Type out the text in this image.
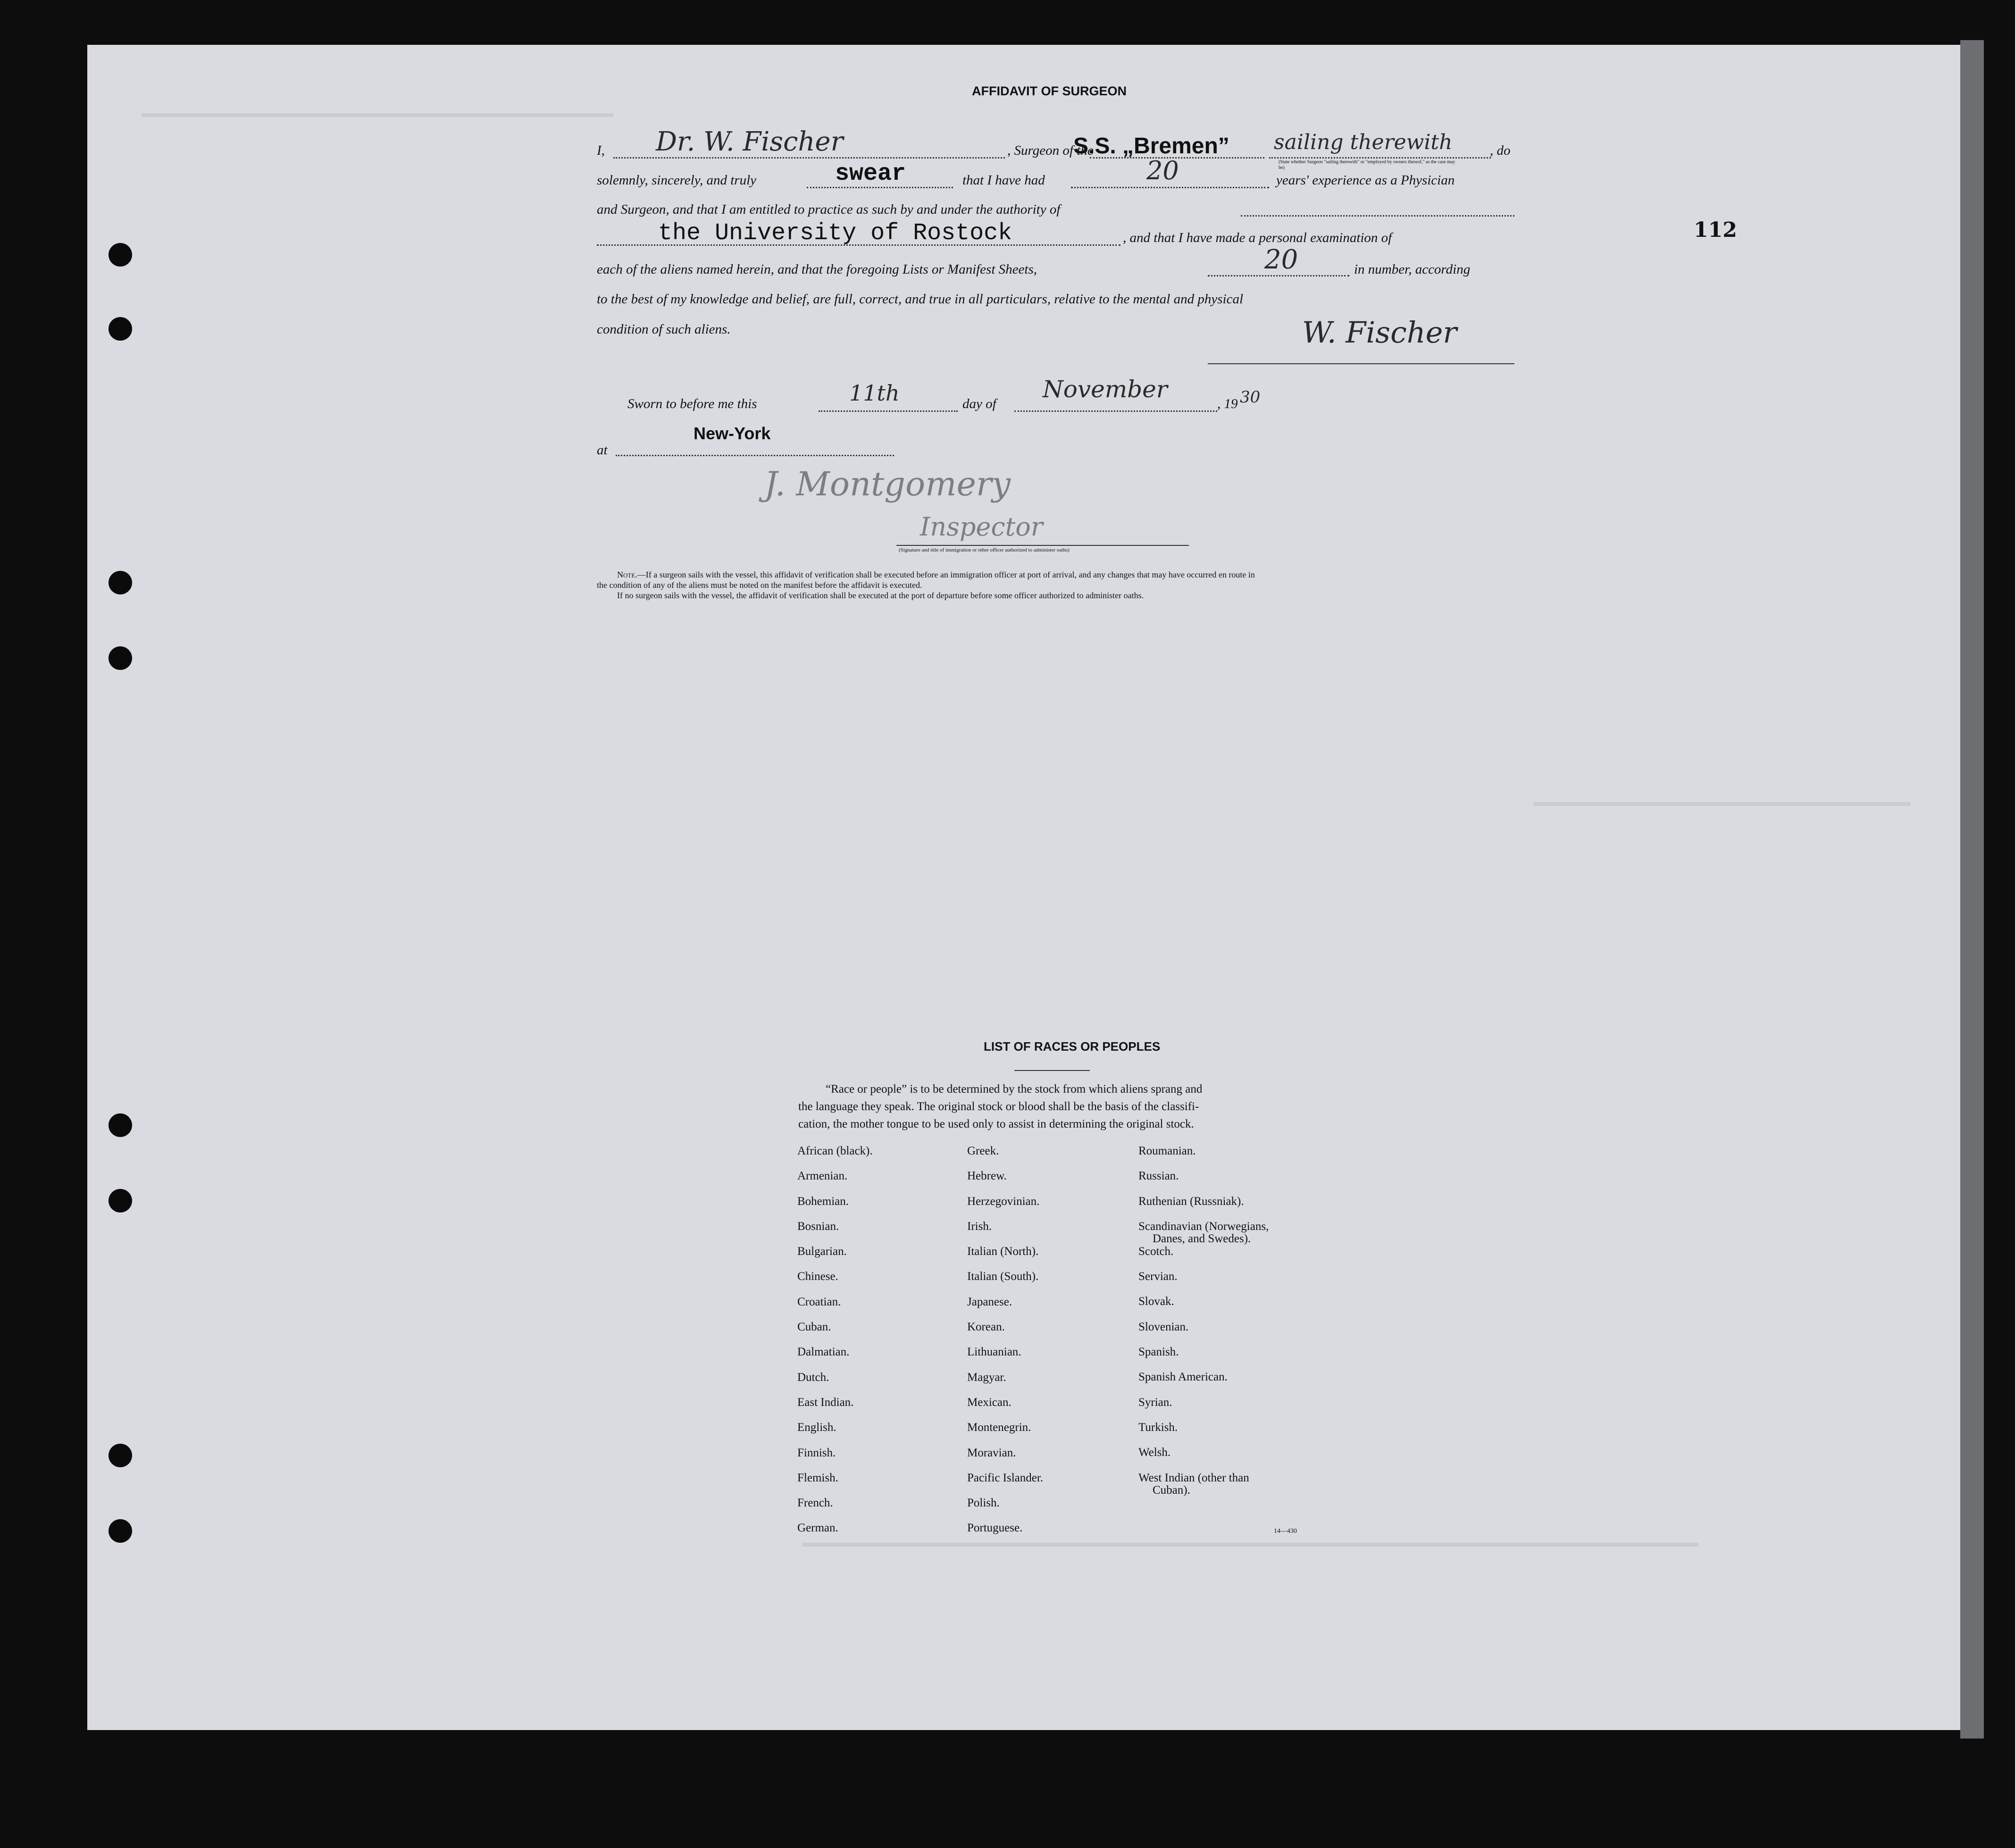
112
AFFIDAVIT OF SURGEON
I, Dr. W. Fischer	, Surgeon of the
S.S. „Bremen” sailing therewith	, do
(State whether Surgeon "sailing therewith" or "employed by owners thereof," as the case may be)
solemnly, sincerely, and truly	swear	that I have had	20	years' experience as a Physician
and Surgeon, and that I am entitled to practice as such by and under the authority of
the University of Rostock	, and that I have made a personal examination of
each of the aliens named herein, and that the foregoing Lists or Manifest Sheets,	20	in number, according
to the best of my knowledge and belief, are full, correct, and true in all particulars, relative to the mental and physical
condition of such aliens.	W. Fischer
Sworn to before me this	11th	day of
November
, 19 30
at
New-York
J. Montgomery
Inspector
(Signature and title of immigration or other officer authorized to administer oaths)
Note.—If a surgeon sails with the vessel, this affidavit of verification shall be executed before an immigration officer at port of arrival, and any changes that may have occurred en route in
the condition of any of the aliens must be noted on the manifest before the affidavit is executed.
If no surgeon sails with the vessel, the affidavit of verification shall be executed at the port of departure before some officer authorized to administer oaths.
LIST OF RACES OR PEOPLES
“Race or people” is to be determined by the stock from which aliens sprang and
the language they speak. The original stock or blood shall be the basis of the classifi-
cation, the mother tongue to be used only to assist in determining the original stock.
African (black).
Armenian.
Bohemian.
Bosnian.
Bulgarian.
Chinese.
Croatian.
Cuban.
Dalmatian.
Dutch.
East Indian.
English.
Finnish.
Flemish.
French.
German.
Greek.
Hebrew.
Herzegovinian.
Irish.
Italian (North).
Italian (South).
Japanese.
Korean.
Lithuanian.
Magyar.
Mexican.
Montenegrin.
Moravian.
Pacific Islander.
Polish.
Portuguese.
Roumanian.
Russian.
Ruthenian (Russniak).
Scandinavian (Norwegians,
Danes, and Swedes).
Scotch.
Servian.
Slovak.
Slovenian.
Spanish.
Spanish American.
Syrian.
Turkish.
Welsh.
West Indian (other than
Cuban).
14—430
